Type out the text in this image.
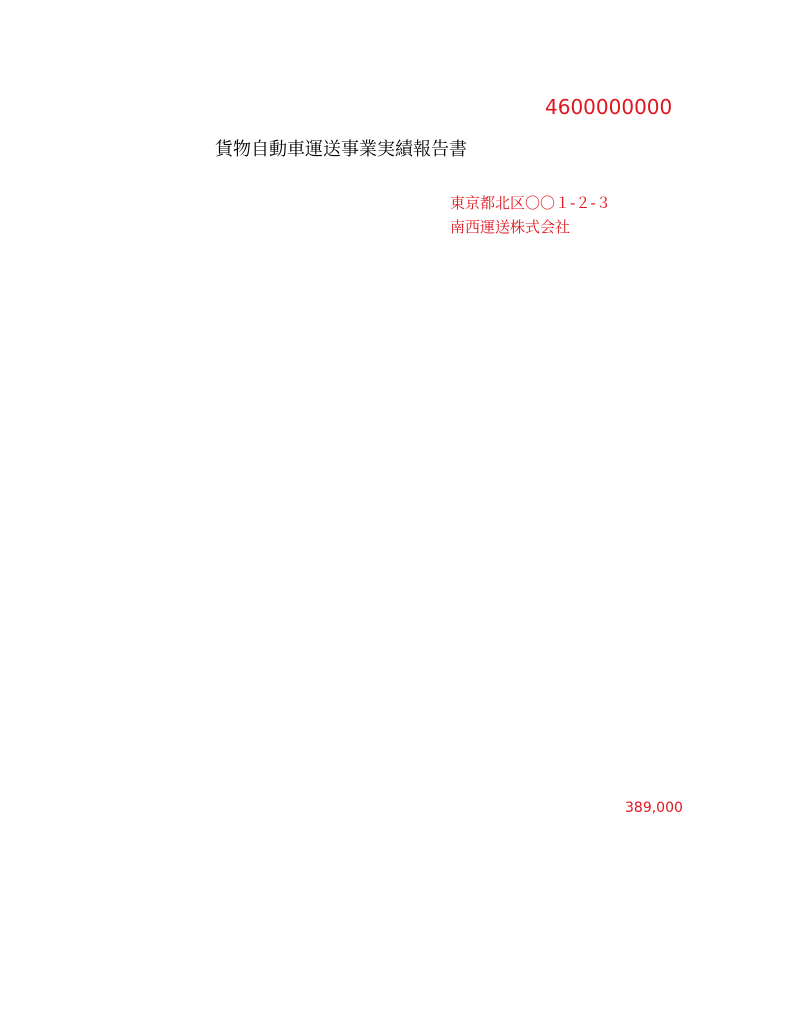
貨物自動車運送事業実績報告書
4600000000
東京都北区〇〇１-２-３
南西運送株式会社
389,000
